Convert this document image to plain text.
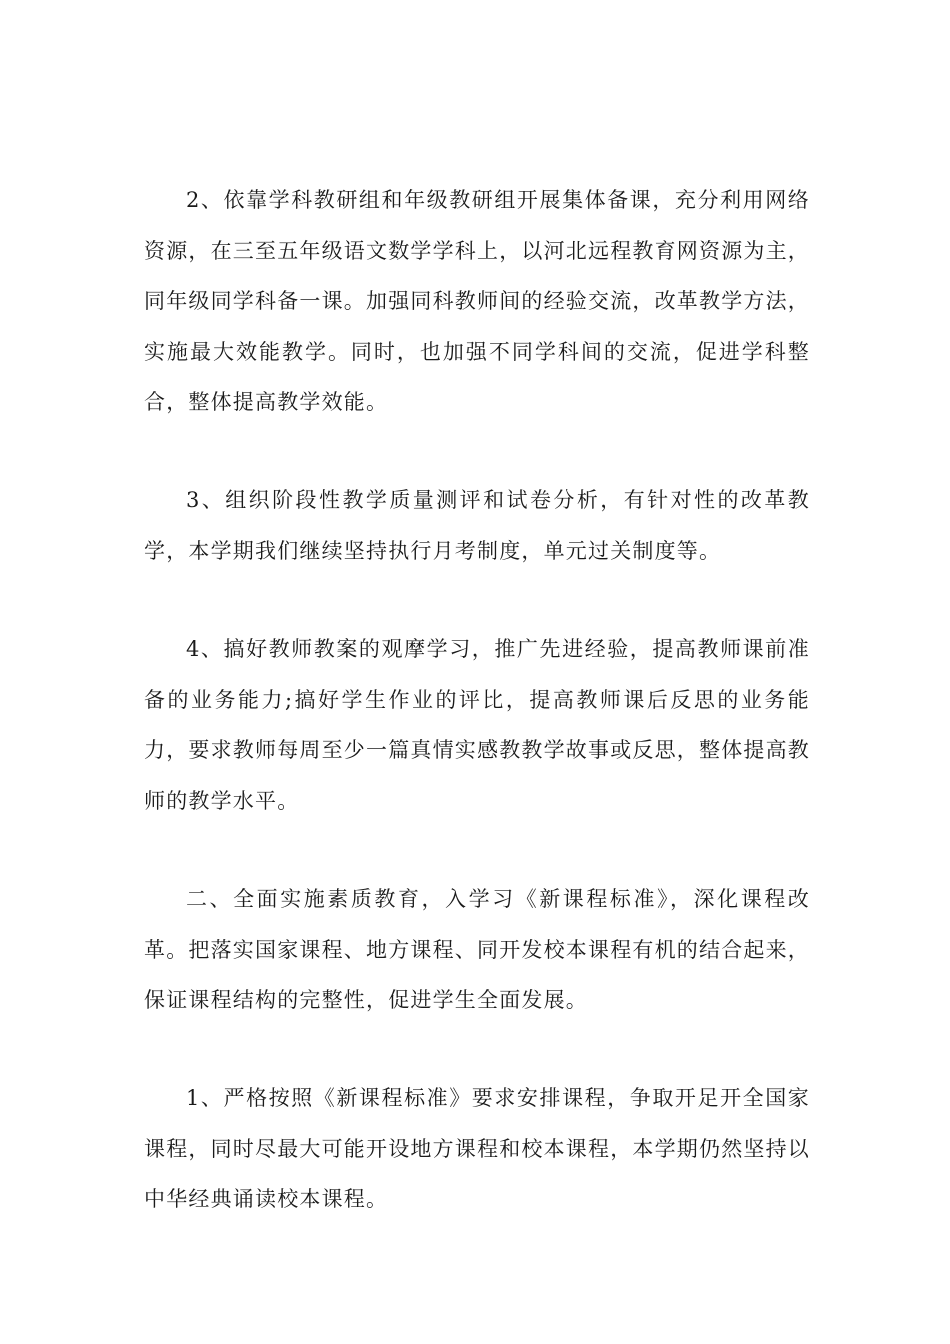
2、依靠学科教研组和年级教研组开展集体备课，充分利用网络资源，在三至五年级语文数学学科上，以河北远程教育网资源为主，同年级同学科备一课。加强同科教师间的经验交流，改革教学方法，实施最大效能教学。同时，也加强不同学科间的交流，促进学科整合，整体提高教学效能。

3、组织阶段性教学质量测评和试卷分析，有针对性的改革教学，本学期我们继续坚持执行月考制度，单元过关制度等。

4、搞好教师教案的观摩学习，推广先进经验，提高教师课前准备的业务能力;搞好学生作业的评比，提高教师课后反思的业务能力，要求教师每周至少一篇真情实感教教学故事或反思，整体提高教师的教学水平。

二、全面实施素质教育，入学习《新课程标准》，深化课程改革。把落实国家课程、地方课程、同开发校本课程有机的结合起来，保证课程结构的完整性，促进学生全面发展。

1、严格按照《新课程标准》要求安排课程，争取开足开全国家课程，同时尽最大可能开设地方课程和校本课程，本学期仍然坚持以中华经典诵读校本课程。
